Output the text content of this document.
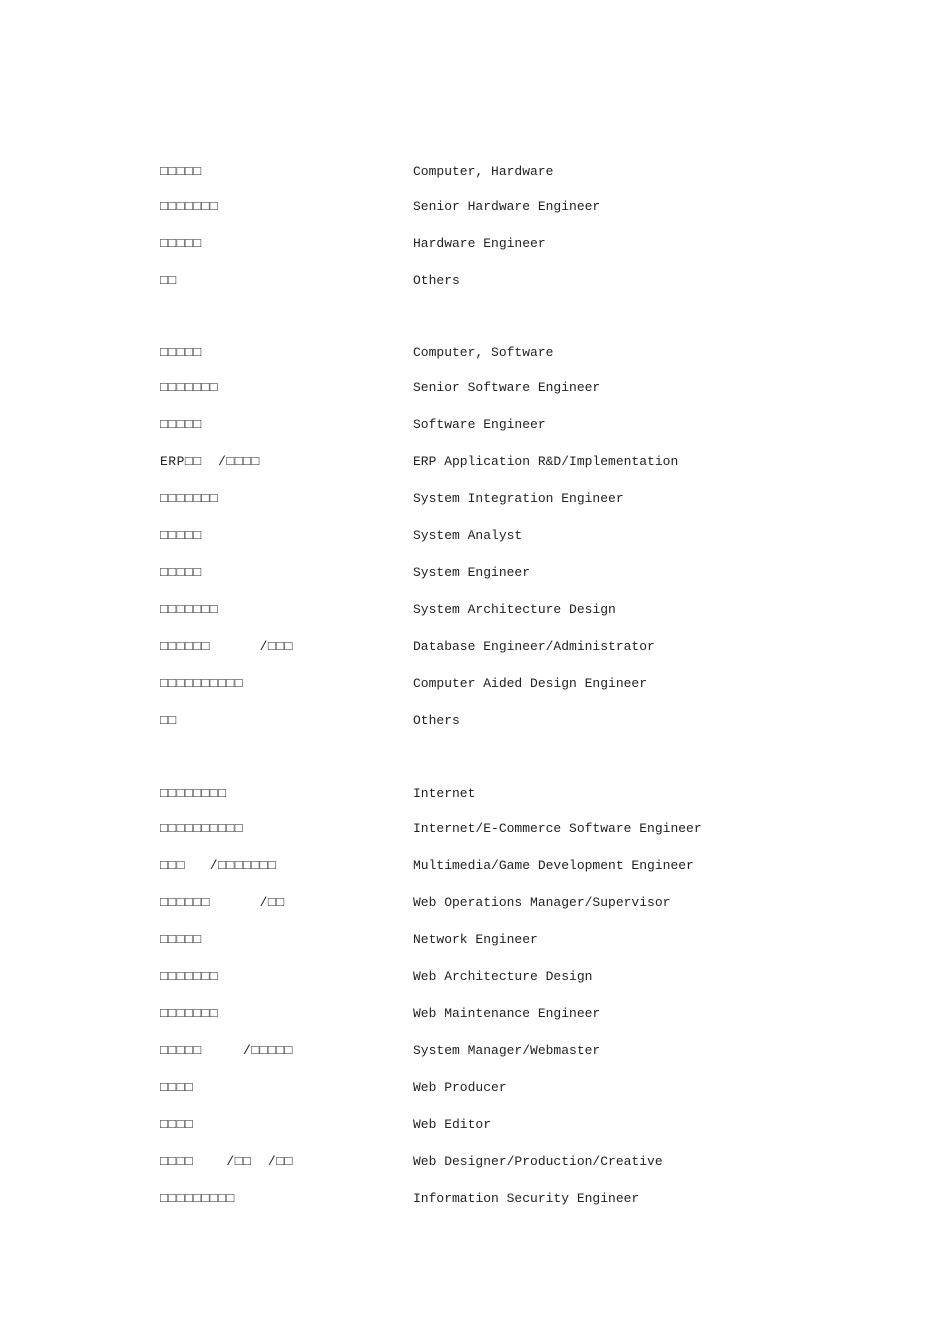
□□□□□	Computer, Hardware
□□□□□□□	Senior Hardware Engineer
□□□□□	Hardware Engineer
□□	Others
□□□□□	Computer, Software
□□□□□□□	Senior Software Engineer
□□□□□	Software Engineer
ERP□□  /□□□□	ERP Application R&D/Implementation
□□□□□□□	System Integration Engineer
□□□□□	System Analyst
□□□□□	System Engineer
□□□□□□□	System Architecture Design
□□□□□□      /□□□	Database Engineer/Administrator
□□□□□□□□□□	Computer Aided Design Engineer
□□	Others
□□□□□□□□	Internet
□□□□□□□□□□	Internet/E-Commerce Software Engineer
□□□   /□□□□□□□	Multimedia/Game Development Engineer
□□□□□□      /□□	Web Operations Manager/Supervisor
□□□□□	Network Engineer
□□□□□□□	Web Architecture Design
□□□□□□□	Web Maintenance Engineer
□□□□□     /□□□□□	System Manager/Webmaster
□□□□	Web Producer
□□□□	Web Editor
□□□□    /□□  /□□	Web Designer/Production/Creative
□□□□□□□□□	Information Security Engineer
